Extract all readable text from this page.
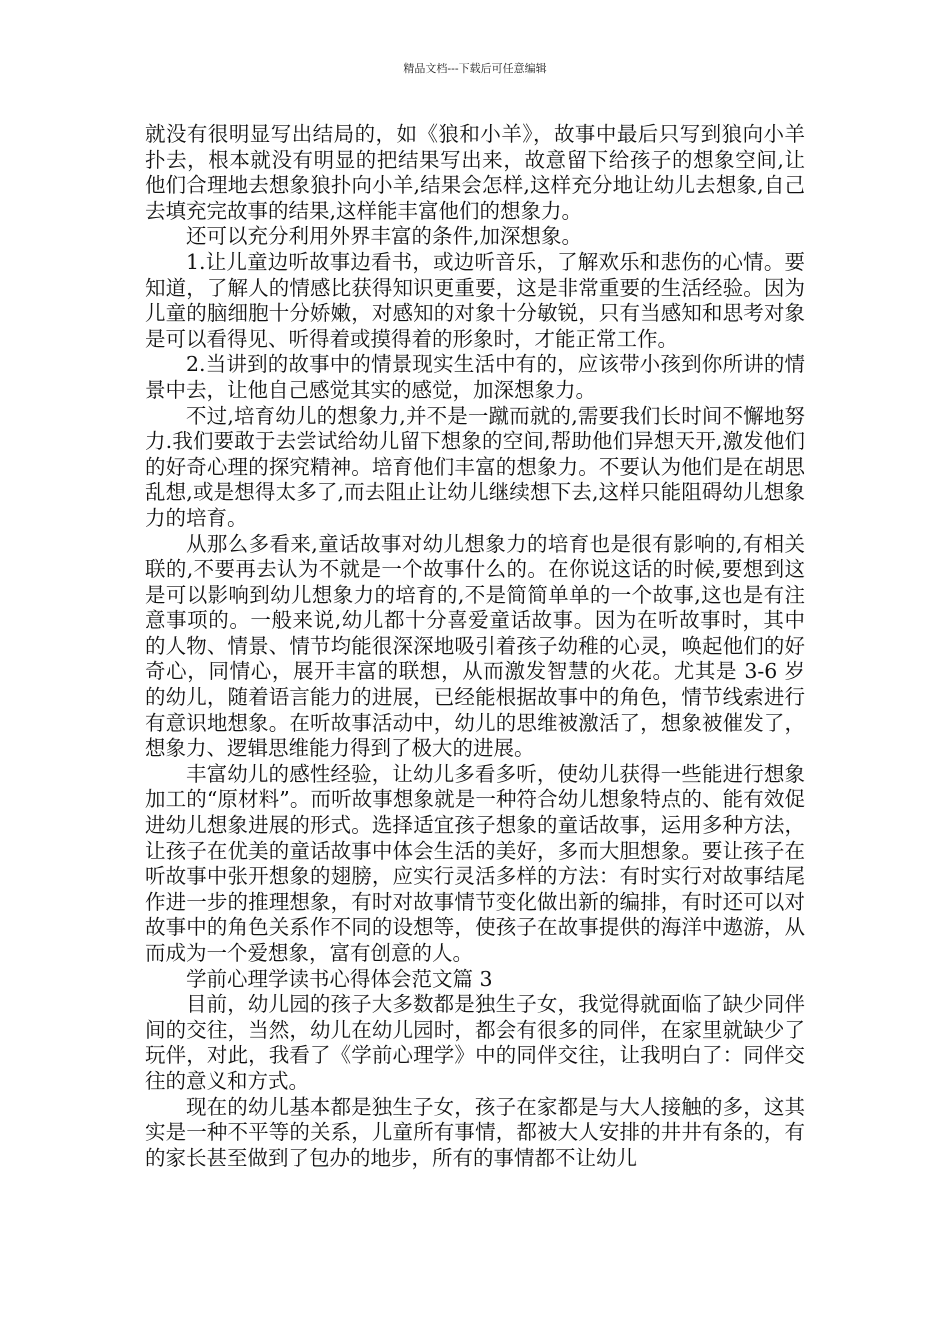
精品文档---下载后可任意编辑

就没有很明显写出结局的，如《狼和小羊》，故事中最后只写到狼向小羊扑去，根本就没有明显的把结果写出来，故意留下给孩子的想象空间,让他们合理地去想象狼扑向小羊,结果会怎样,这样充分地让幼儿去想象,自己去填充完故事的结果,这样能丰富他们的想象力。

还可以充分利用外界丰富的条件,加深想象。

1.让儿童边听故事边看书，或边听音乐，了解欢乐和悲伤的心情。要知道，了解人的情感比获得知识更重要，这是非常重要的生活经验。因为儿童的脑细胞十分娇嫩，对感知的对象十分敏锐，只有当感知和思考对象是可以看得见、听得着或摸得着的形象时，才能正常工作。

2.当讲到的故事中的情景现实生活中有的，应该带小孩到你所讲的情景中去，让他自己感觉其实的感觉，加深想象力。

不过,培育幼儿的想象力,并不是一蹴而就的,需要我们长时间不懈地努力.我们要敢于去尝试给幼儿留下想象的空间,帮助他们异想天开,激发他们的好奇心理的探究精神。培育他们丰富的想象力。不要认为他们是在胡思乱想,或是想得太多了,而去阻止让幼儿继续想下去,这样只能阻碍幼儿想象力的培育。

从那么多看来,童话故事对幼儿想象力的培育也是很有影响的,有相关联的,不要再去认为不就是一个故事什么的。在你说这话的时候,要想到这是可以影响到幼儿想象力的培育的,不是简简单单的一个故事,这也是有注意事项的。一般来说,幼儿都十分喜爱童话故事。因为在听故事时，其中的人物、情景、情节均能很深深地吸引着孩子幼稚的心灵，唤起他们的好奇心，同情心，展开丰富的联想，从而激发智慧的火花。尤其是 3-6 岁的幼儿，随着语言能力的进展，已经能根据故事中的角色，情节线索进行有意识地想象。在听故事活动中，幼儿的思维被激活了，想象被催发了，想象力、逻辑思维能力得到了极大的进展。

丰富幼儿的感性经验，让幼儿多看多听，使幼儿获得一些能进行想象加工的“原材料”。而听故事想象就是一种符合幼儿想象特点的、能有效促进幼儿想象进展的形式。选择适宜孩子想象的童话故事，运用多种方法，让孩子在优美的童话故事中体会生活的美好，多而大胆想象。要让孩子在听故事中张开想象的翅膀，应实行灵活多样的方法：有时实行对故事结尾作进一步的推理想象，有时对故事情节变化做出新的编排，有时还可以对故事中的角色关系作不同的设想等，使孩子在故事提供的海洋中遨游，从而成为一个爱想象，富有创意的人。

学前心理学读书心得体会范文篇 3

目前，幼儿园的孩子大多数都是独生子女，我觉得就面临了缺少同伴间的交往，当然，幼儿在幼儿园时，都会有很多的同伴，在家里就缺少了玩伴，对此，我看了《学前心理学》中的同伴交往，让我明白了：同伴交往的意义和方式。

现在的幼儿基本都是独生子女，孩子在家都是与大人接触的多，这其实是一种不平等的关系，儿童所有事情，都被大人安排的井井有条的，有的家长甚至做到了包办的地步，所有的事情都不让幼儿
